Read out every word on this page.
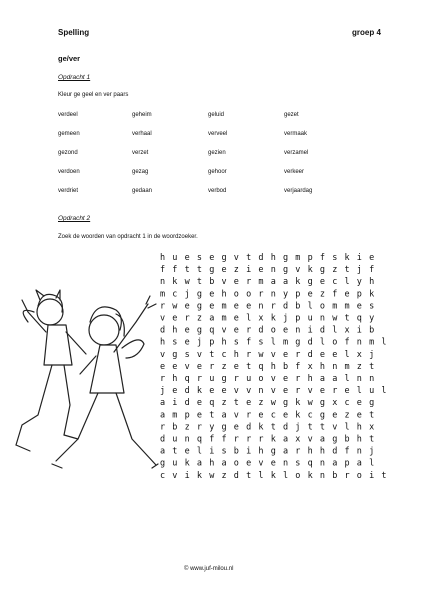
Spelling	groep 4
ge/ver
Opdracht 1
Kleur ge geel en ver paars
verdeel	geheim	geluid	gezet
gemeen	verhaal	verveel	vermaak
gezond	verzet	gezien	verzamel
verdoen	gezag	gehoor	verkeer
verdriet	gedaan	verbod	verjaardag
Opdracht 2
Zoek de woorden van opdracht 1 in de woordzoeker.
h u e s e g v t d h g m p f s k i e
f f t t g e z i e n g v k g z t j f
n k w t b v e r m a a k g e c l y h
m c j g e h o o r n y p e z f e p k
r w e g e m e e n r d b l o m m e s
v e r z a m e l x k j p u n w t q y
d h e g q v e r d o e n i d l x i b
h s e j p h s f s l m g d l o f n m l
v g s v t c h r w v e r d e e l x j
e e v e r z e t q h b f x h n m z t
r h q r u g r u o v e r h a a l n n
j e d k e e v v n v e r v e r e l u l
a i d e q z t e z w g k w g x c e g
a m p e t a v r e c e k c g e z e t
r b z r y g e d k t d j t t v l h x
d u n q f f r r r k a x v a g b h t
a t e l i s b i h g a r h h d f n j
g u k a h a o e v e n s q n a p a l
c v i k w z d t l k l o k n b r o i t
© www.juf-milou.nl
